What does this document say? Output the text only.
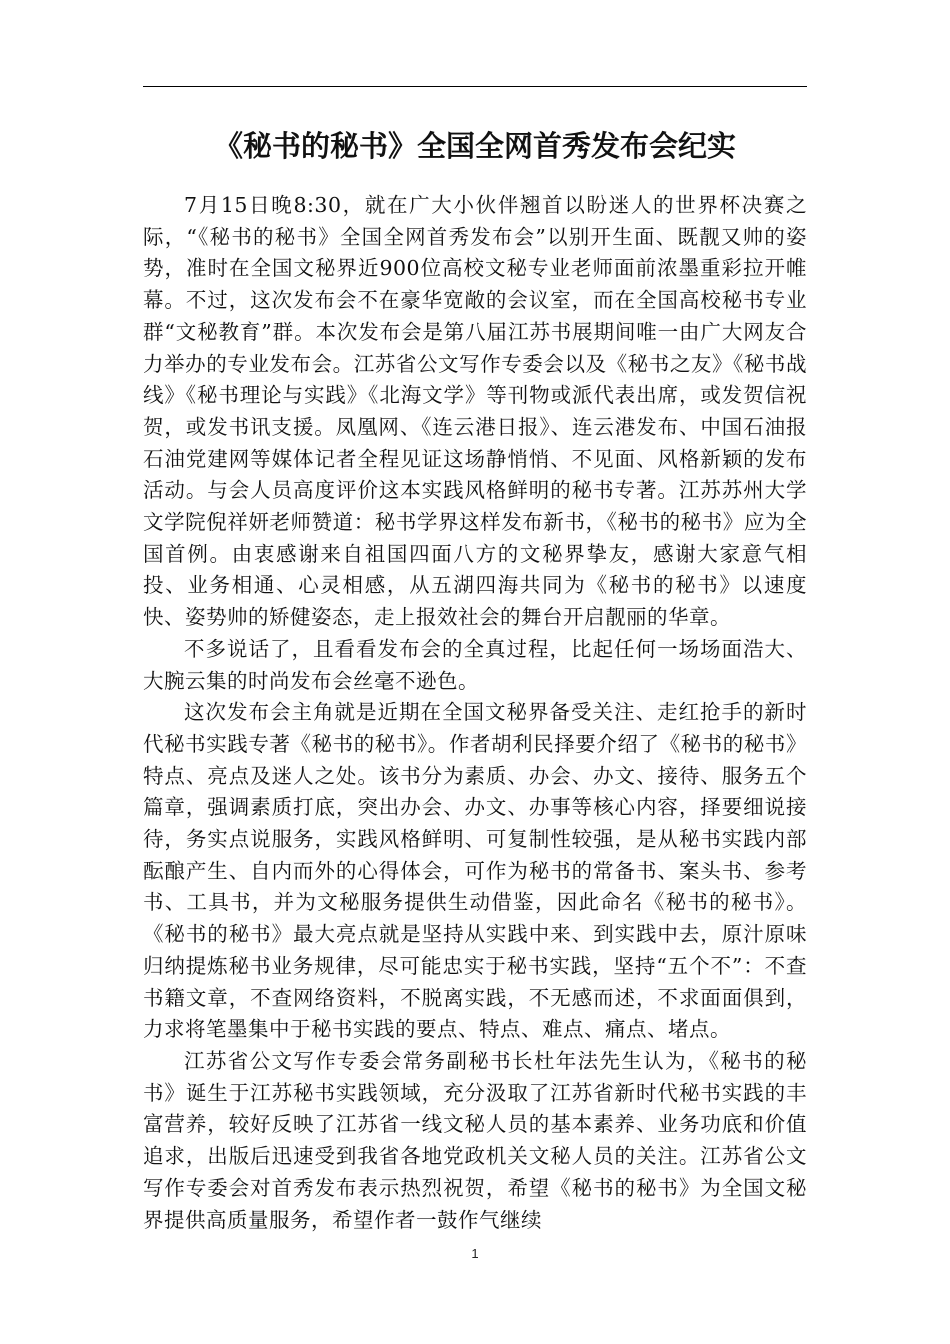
《秘书的秘书》全国全网首秀发布会纪实

7月15日晚8:30，就在广大小伙伴翘首以盼迷人的世界杯决赛之际，“《秘书的秘书》全国全网首秀发布会”以别开生面、既靓又帅的姿势，准时在全国文秘界近900位高校文秘专业老师面前浓墨重彩拉开帷幕。不过，这次发布会不在豪华宽敞的会议室，而在全国高校秘书专业群“文秘教育”群。本次发布会是第八届江苏书展期间唯一由广大网友合力举办的专业发布会。江苏省公文写作专委会以及《秘书之友》《秘书战线》《秘书理论与实践》《北海文学》等刊物或派代表出席，或发贺信祝贺，或发书讯支援。凤凰网、《连云港日报》、连云港发布、中国石油报石油党建网等媒体记者全程见证这场静悄悄、不见面、风格新颖的发布活动。与会人员高度评价这本实践风格鲜明的秘书专著。江苏苏州大学文学院倪祥妍老师赞道：秘书学界这样发布新书，《秘书的秘书》应为全国首例。由衷感谢来自祖国四面八方的文秘界挚友，感谢大家意气相投、业务相通、心灵相感，从五湖四海共同为《秘书的秘书》以速度快、姿势帅的矫健姿态，走上报效社会的舞台开启靓丽的华章。

不多说话了，且看看发布会的全真过程，比起任何一场场面浩大、大腕云集的时尚发布会丝毫不逊色。

这次发布会主角就是近期在全国文秘界备受关注、走红抢手的新时代秘书实践专著《秘书的秘书》。作者胡利民择要介绍了《秘书的秘书》特点、亮点及迷人之处。该书分为素质、办会、办文、接待、服务五个篇章，强调素质打底，突出办会、办文、办事等核心内容，择要细说接待，务实点说服务，实践风格鲜明、可复制性较强，是从秘书实践内部酝酿产生、自内而外的心得体会，可作为秘书的常备书、案头书、参考书、工具书，并为文秘服务提供生动借鉴，因此命名《秘书的秘书》。《秘书的秘书》最大亮点就是坚持从实践中来、到实践中去，原汁原味归纳提炼秘书业务规律，尽可能忠实于秘书实践，坚持“五个不”：不查书籍文章，不查网络资料，不脱离实践，不无感而述，不求面面俱到，力求将笔墨集中于秘书实践的要点、特点、难点、痛点、堵点。

江苏省公文写作专委会常务副秘书长杜年法先生认为，《秘书的秘书》诞生于江苏秘书实践领域，充分汲取了江苏省新时代秘书实践的丰富营养，较好反映了江苏省一线文秘人员的基本素养、业务功底和价值追求，出版后迅速受到我省各地党政机关文秘人员的关注。江苏省公文写作专委会对首秀发布表示热烈祝贺，希望《秘书的秘书》为全国文秘界提供高质量服务，希望作者一鼓作气继续

1
